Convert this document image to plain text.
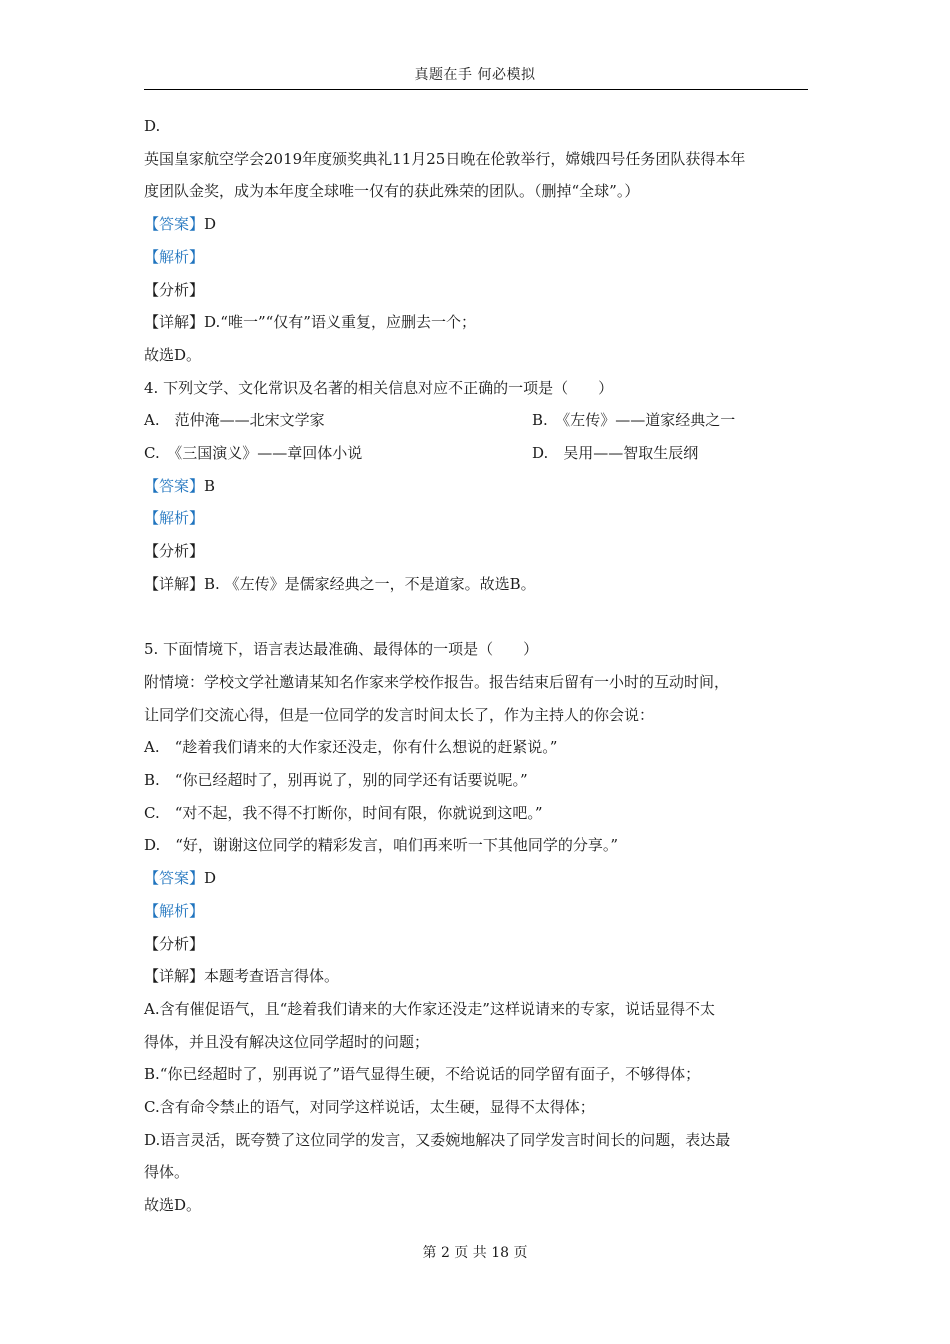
真题在手 何必模拟
D.
英国皇家航空学会2019年度颁奖典礼11月25日晚在伦敦举行，嫦娥四号任务团队获得本年
度团队金奖，成为本年度全球唯一仅有的获此殊荣的团队。（删掉“全球”。）
【答案】D
【解析】
【分析】
【详解】D.“唯一”“仅有”语义重复，应删去一个；
故选D。
4. 下列文学、文化常识及名著的相关信息对应不正确的一项是（　　）
A.　范仲淹——北宋文学家	B.　《左传》——道家经典之一
C.　《三国演义》——章回体小说	D.　吴用——智取生辰纲
【答案】B
【解析】
【分析】
【详解】B. 《左传》是儒家经典之一，不是道家。故选B。
5. 下面情境下，语言表达最准确、最得体的一项是（　　）
附情境：学校文学社邀请某知名作家来学校作报告。报告结束后留有一小时的互动时间，
让同学们交流心得，但是一位同学的发言时间太长了，作为主持人的你会说：
A.　“趁着我们请来的大作家还没走，你有什么想说的赶紧说。”
B.　“你已经超时了，别再说了，别的同学还有话要说呢。”
C.　“对不起，我不得不打断你，时间有限，你就说到这吧。”
D.　“好，谢谢这位同学的精彩发言，咱们再来听一下其他同学的分享。”
【答案】D
【解析】
【分析】
【详解】本题考查语言得体。
A.含有催促语气，且“趁着我们请来的大作家还没走”这样说请来的专家，说话显得不太
得体，并且没有解决这位同学超时的问题；
B.“你已经超时了，别再说了”语气显得生硬，不给说话的同学留有面子，不够得体；
C.含有命令禁止的语气，对同学这样说话，太生硬，显得不太得体；
D.语言灵活，既夸赞了这位同学的发言，又委婉地解决了同学发言时间长的问题，表达最
得体。
故选D。
第 2 页 共 18 页
